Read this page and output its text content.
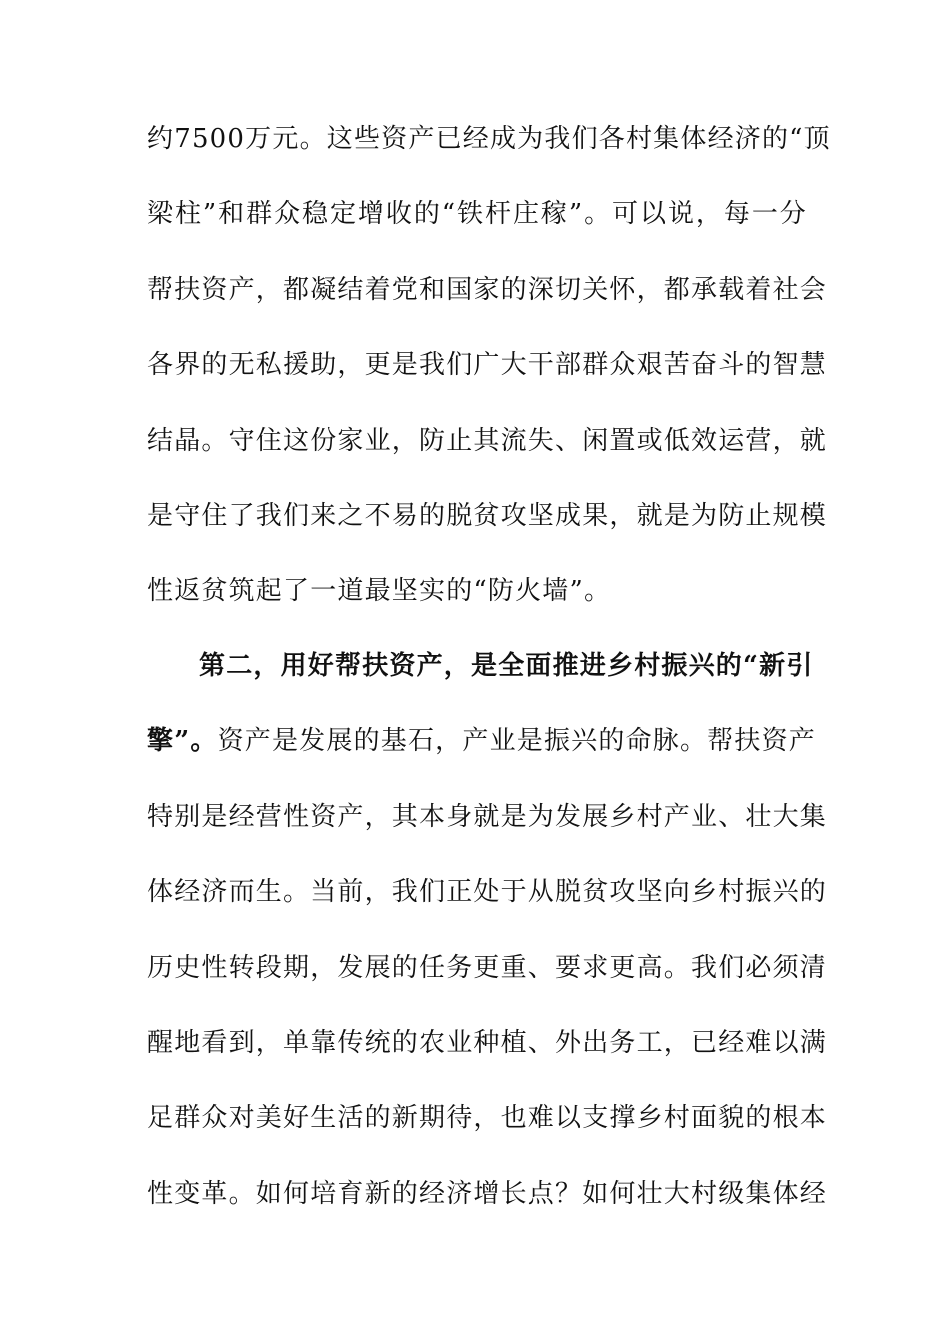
约7500万元。这些资产已经成为我们各村集体经济的“顶
梁柱”和群众稳定增收的“铁杆庄稼”。可以说，每一分
帮扶资产，都凝结着党和国家的深切关怀，都承载着社会
各界的无私援助，更是我们广大干部群众艰苦奋斗的智慧
结晶。守住这份家业，防止其流失、闲置或低效运营，就
是守住了我们来之不易的脱贫攻坚成果，就是为防止规模
性返贫筑起了一道最坚实的“防火墙”。
第二，用好帮扶资产，是全面推进乡村振兴的“新引
擎”。资产是发展的基石，产业是振兴的命脉。帮扶资产
特别是经营性资产，其本身就是为发展乡村产业、壮大集
体经济而生。当前，我们正处于从脱贫攻坚向乡村振兴的
历史性转段期，发展的任务更重、要求更高。我们必须清
醒地看到，单靠传统的农业种植、外出务工，已经难以满
足群众对美好生活的新期待，也难以支撑乡村面貌的根本
性变革。如何培育新的经济增长点？如何壮大村级集体经
